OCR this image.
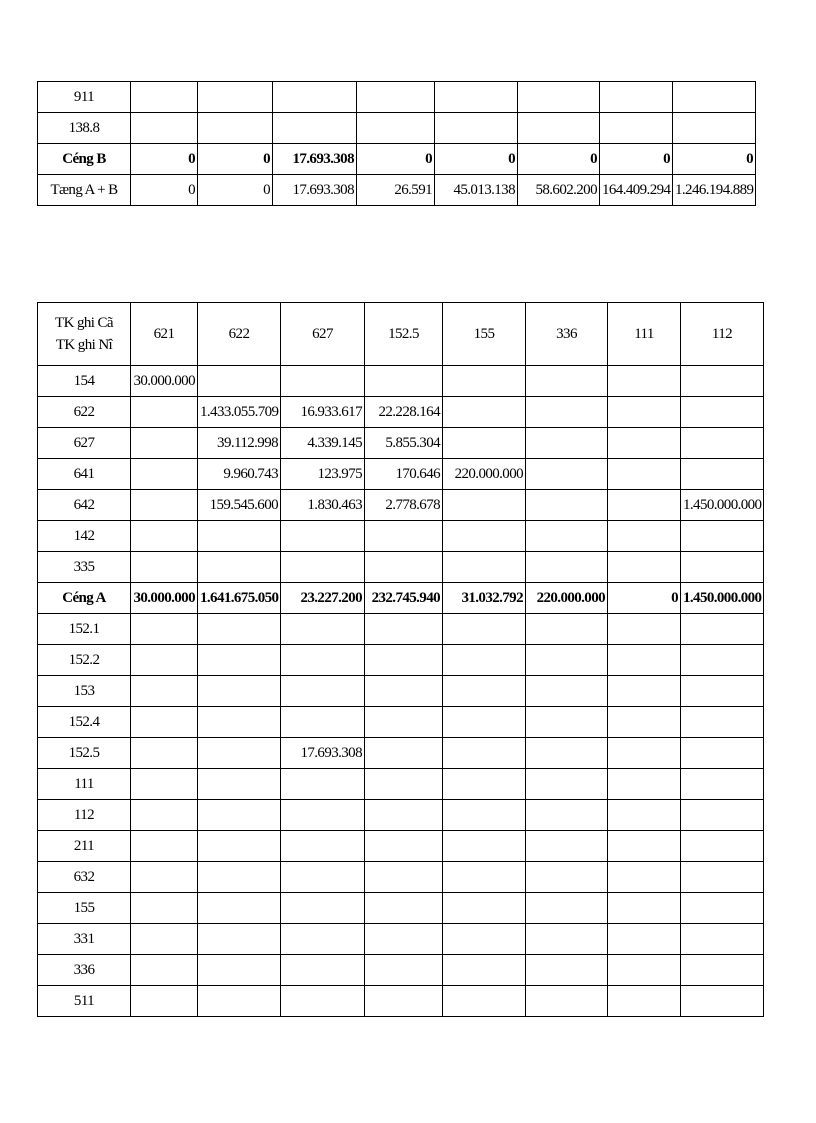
911								
138.8								
Céng B	0	0	17.693.308	0	0	0	0	0
Tæng A + B	0	0	17.693.308	26.591	45.013.138	58.602.200	164.409.294	1.246.194.889
TK ghi Cã
TK ghi Nî	621	622	627	152.5	155	336	111	112
154	30.000.000							
622		1.433.055.709	16.933.617	22.228.164				
627		39.112.998	4.339.145	5.855.304				
641		9.960.743	123.975	170.646	220.000.000			
642		159.545.600	1.830.463	2.778.678				1.450.000.000
142								
335								
Céng A	30.000.000	1.641.675.050	23.227.200	232.745.940	31.032.792	220.000.000	0	1.450.000.000
152.1								
152.2								
153								
152.4								
152.5			17.693.308					
111								
112								
211								
632								
155								
331								
336								
511								
